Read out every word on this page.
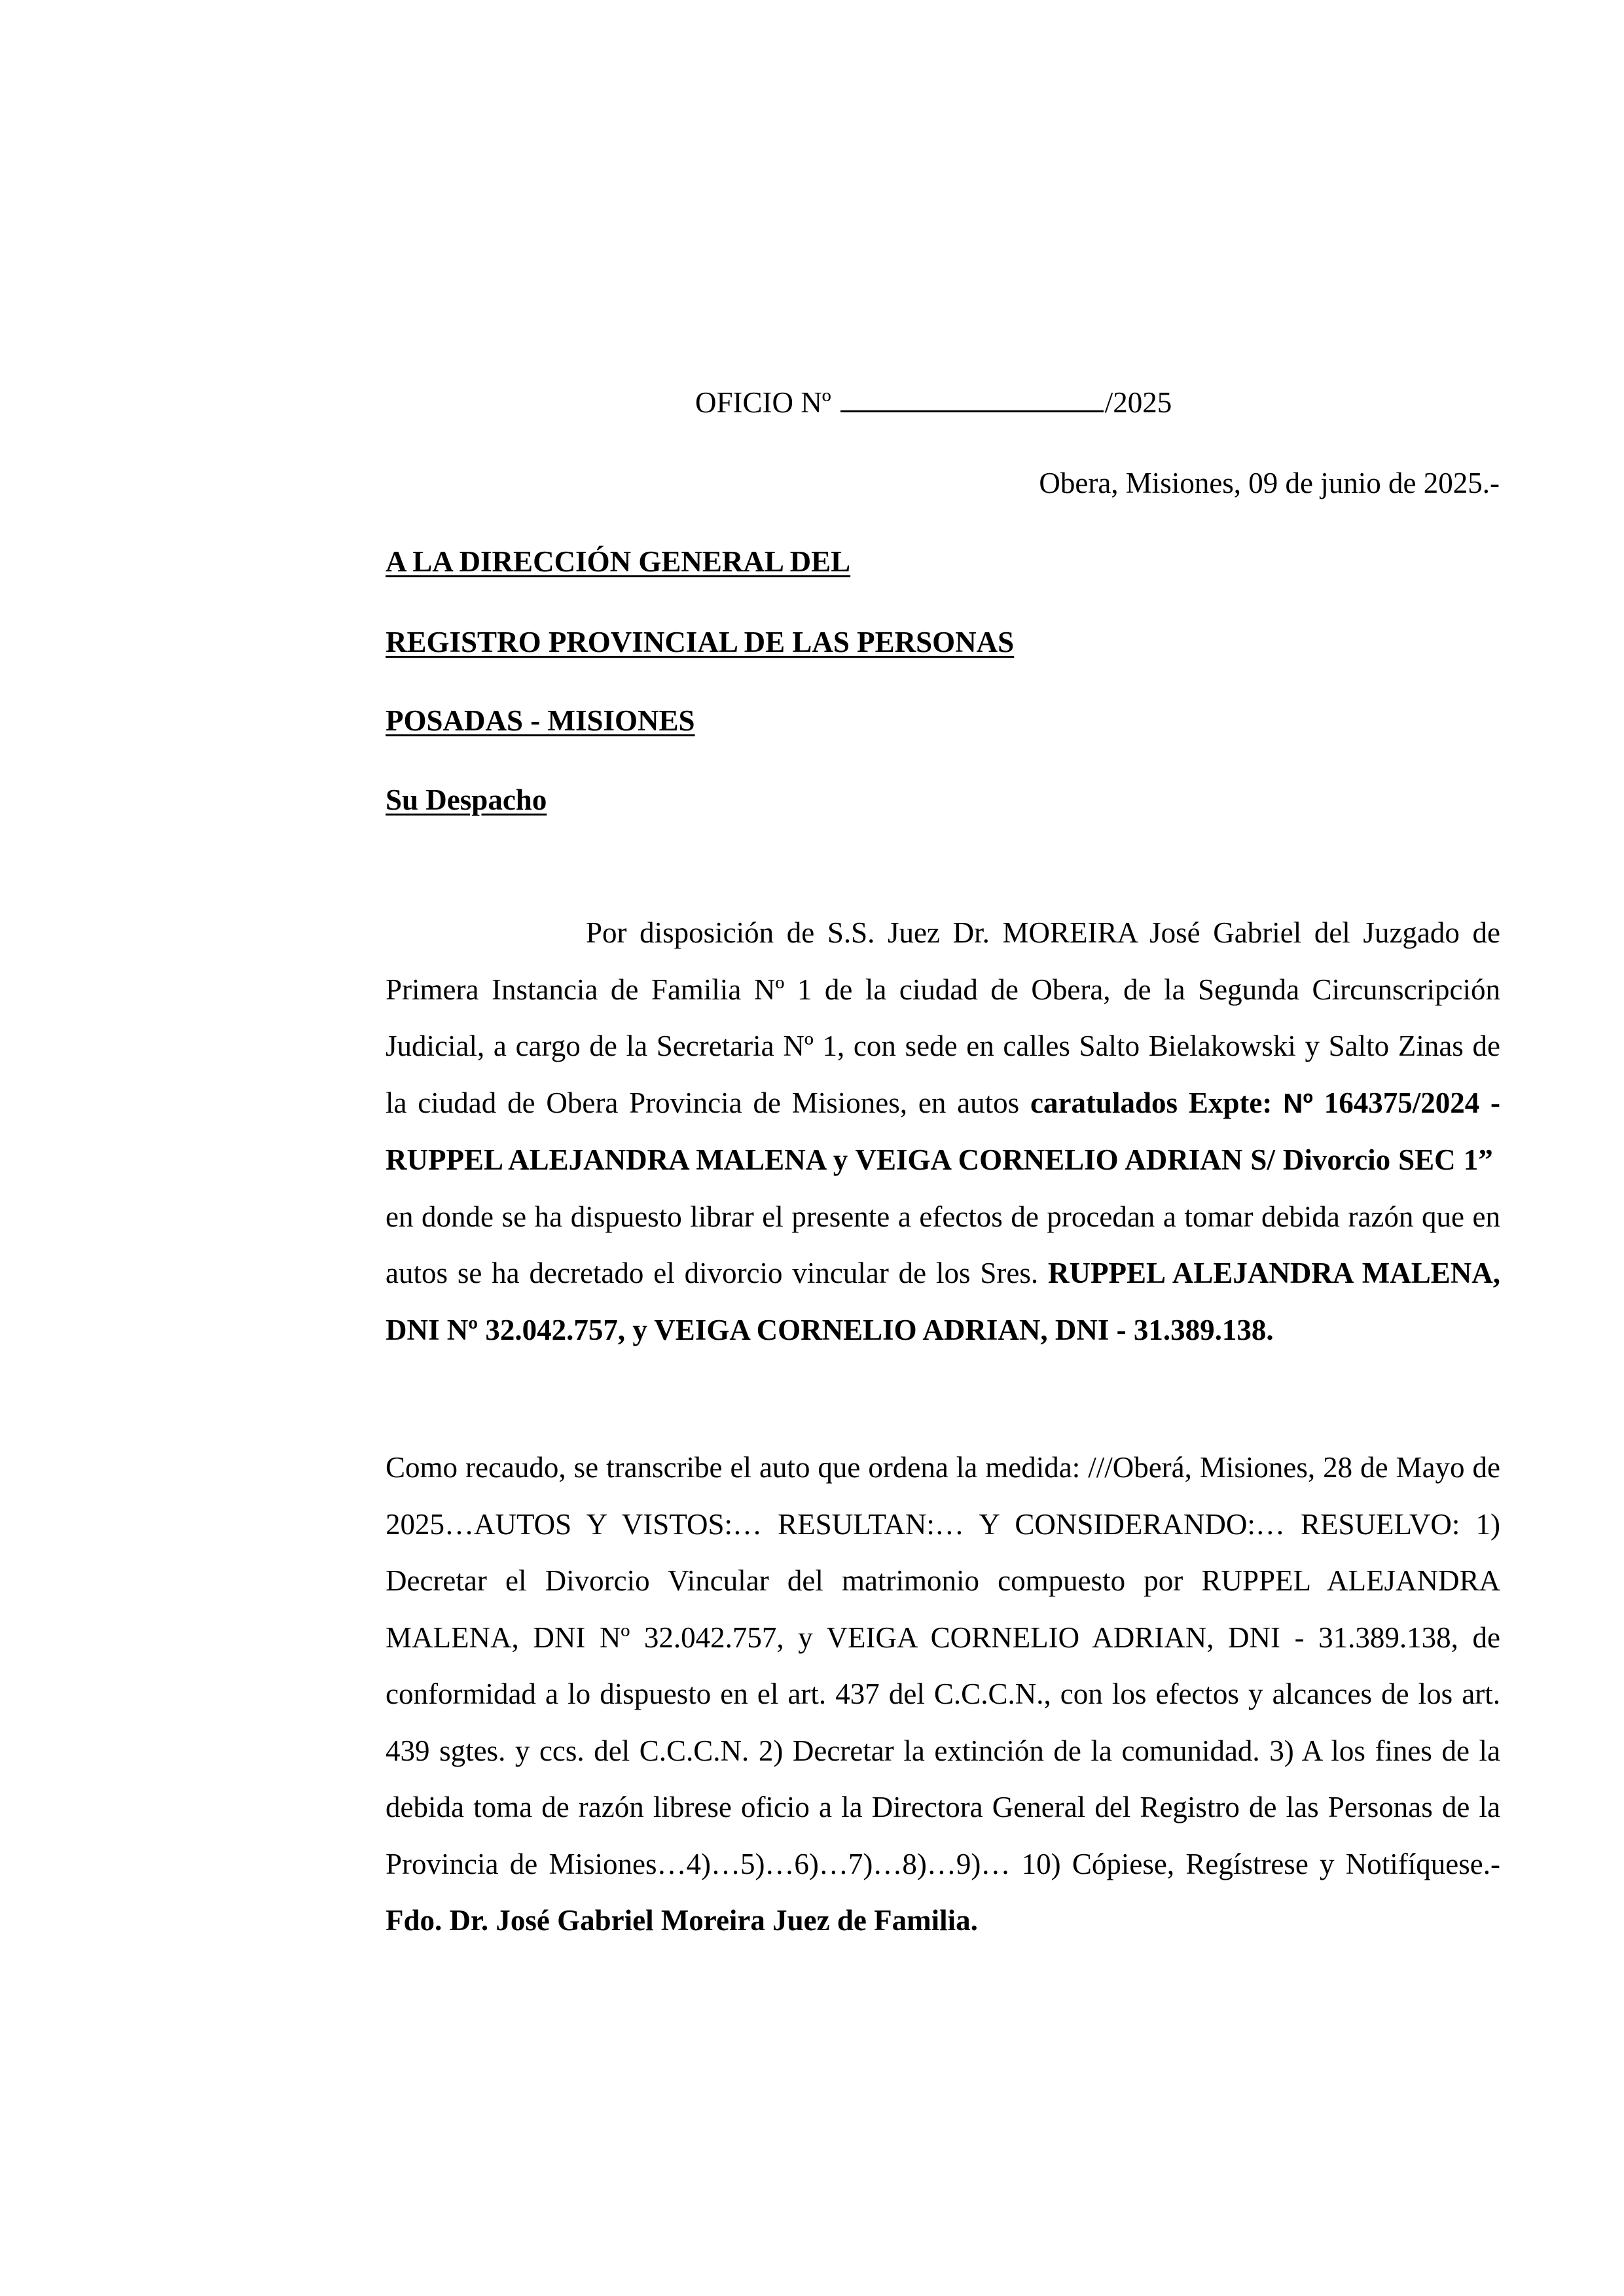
OFICIO Nº	/2025
Obera, Misiones, 09 de junio de 2025.-
A LA DIRECCIÓN GENERAL DEL
REGISTRO PROVINCIAL DE LAS PERSONAS
POSADAS - MISIONES
Su Despacho
Por disposición de S.S. Juez Dr. MOREIRA José Gabriel del Juzgado de Primera Instancia de Familia Nº 1 de la ciudad de Obera, de la Segunda Circunscripción Judicial, a cargo de la Secretaria Nº 1, con sede en calles Salto Bielakowski y Salto Zinas de la ciudad de Obera Provincia de Misiones, en autos caratulados Expte: Nº 164375/2024 - RUPPEL ALEJANDRA MALENA y VEIGA CORNELIO ADRIAN S/ Divorcio SEC 1”  en donde se ha dispuesto librar el presente a efectos de procedan a tomar debida razón que en autos se ha decretado el divorcio vincular de los Sres. RUPPEL ALEJANDRA MALENA, DNI Nº 32.042.757, y VEIGA CORNELIO ADRIAN, DNI - 31.389.138.
Como recaudo, se transcribe el auto que ordena la medida: ///Oberá, Misiones, 28 de Mayo de 2025…AUTOS Y VISTOS:… RESULTAN:… Y CONSIDERANDO:… RESUELVO: 1) Decretar el Divorcio Vincular del matrimonio compuesto por RUPPEL ALEJANDRA MALENA, DNI Nº 32.042.757, y VEIGA CORNELIO ADRIAN, DNI - 31.389.138, de conformidad a lo dispuesto en el art. 437 del C.C.C.N., con los efectos y alcances de los art. 439 sgtes. y ccs. del C.C.C.N. 2) Decretar la extinción de la comunidad. 3) A los fines de la debida toma de razón librese oficio a la Directora General del Registro de las Personas de la Provincia de Misiones…4)…5)…6)…7)…8)…9)… 10) Cópiese, Regístrese y Notifíquese.- Fdo. Dr. José Gabriel Moreira Juez de Familia.
